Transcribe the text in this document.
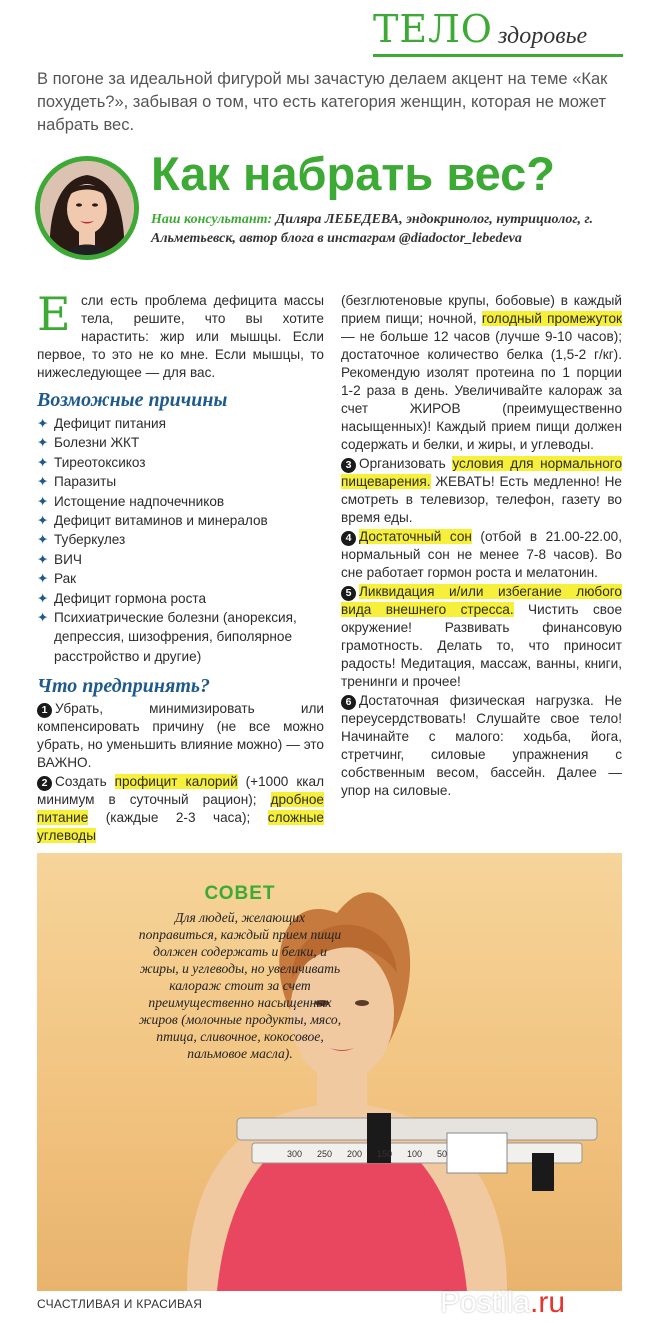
ТЕЛО здоровье
В погоне за идеальной фигурой мы зачастую делаем акцент на теме «Как похудеть?», забывая о том, что есть категория женщин, которая не может набрать вес.
Как набрать вес?
Наш консультант: Диляра ЛЕБЕДЕВА, эндокринолог, нутрициолог, г. Альметьевск, автор блога в инстаграм @diadoctor_lebedeva
Если есть проблема дефицита массы тела, решите, что вы хотите нарастить: жир или мышцы. Если первое, то это не ко мне. Если мышцы, то нижеследующее — для вас.
Возможные причины
✦ Дефицит питания
✦ Болезни ЖКТ
✦ Тиреотоксикоз
✦ Паразиты
✦ Истощение надпочечников
✦ Дефицит витаминов и минералов
✦ Туберкулез
✦ ВИЧ
✦ Рак
✦ Дефицит гормона роста
✦ Психиатрические болезни (анорексия, депрессия, шизофрения, биполярное расстройство и другие)
Что предпринять?
1 Убрать, минимизировать или компенсировать причину (не все можно убрать, но уменьшить влияние можно) — это ВАЖНО.
2 Создать профицит калорий (+1000 ккал минимум в суточный рацион); дробное питание (каждые 2-3 часа); сложные углеводы
(безглютеновые крупы, бобовые) в каждый прием пищи; ночной, голодный промежуток — не больше 12 часов (лучше 9-10 часов); достаточное количество белка (1,5-2 г/кг). Рекомендую изолят протеина по 1 порции 1-2 раза в день. Увеличивайте калораж за счет ЖИРОВ (преимущественно насыщенных)! Каждый прием пищи должен содержать и белки, и жиры, и углеводы.
3 Организовать условия для нормального пищеварения. ЖЕВАТЬ! Есть медленно! Не смотреть в телевизор, телефон, газету во время еды.
4 Достаточный сон (отбой в 21.00-22.00, нормальный сон не менее 7-8 часов). Во сне работает гормон роста и мелатонин.
5 Ликвидация и/или избегание любого вида внешнего стресса. Чистить свое окружение! Развивать финансовую грамотность. Делать то, что приносит радость! Медитация, массаж, ванны, книги, тренинги и прочее!
6 Достаточная физическая нагрузка. Не переусердствовать! Слушайте свое тело! Начинайте с малого: ходьба, йога, стретчинг, силовые упражнения с собственным весом, бассейн. Далее — упор на силовые.
300 250 200 150 100 50
СОВЕТ
Для людей, желающих поправиться, каждый прием пищи должен содержать и белки, и жиры, и углеводы, но увеличивать калораж стоит за счет преимущественно насыщенных жиров (молочные продукты, мясо, птица, сливочное, кокосовое, пальмовое масла).
СЧАСТЛИВАЯ И КРАСИВАЯ	Postila.ru
